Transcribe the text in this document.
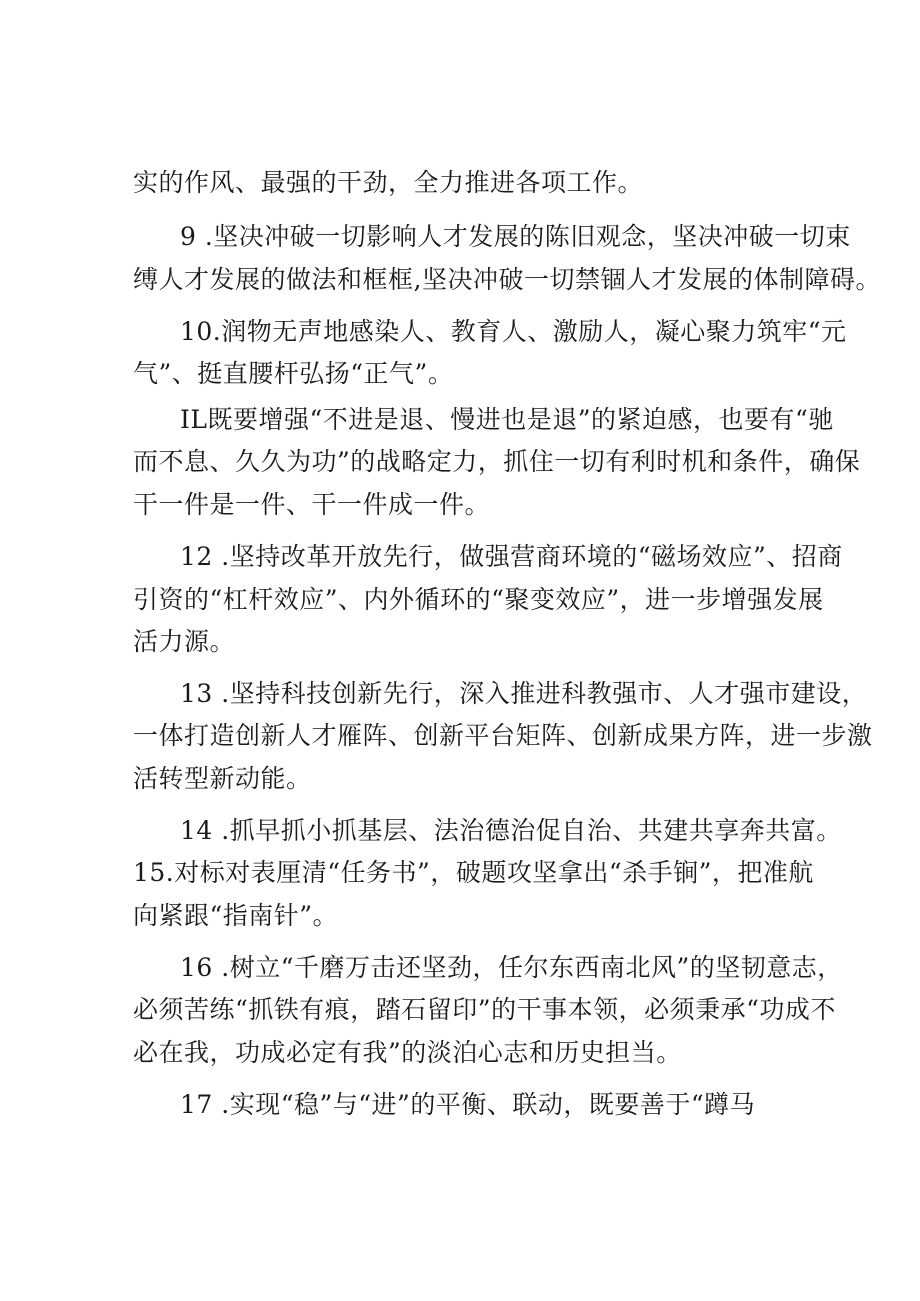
实的作风、最强的干劲，全力推进各项工作。
9 .坚决冲破一切影响人才发展的陈旧观念，坚决冲破一切束
缚人才发展的做法和框框,坚决冲破一切禁锢人才发展的体制障碍。
10.润物无声地感染人、教育人、激励人，凝心聚力筑牢“元
气”、挺直腰杆弘扬“正气”。
IL既要增强“不进是退、慢进也是退”的紧迫感，也要有“驰
而不息、久久为功”的战略定力，抓住一切有利时机和条件，确保
干一件是一件、干一件成一件。
12 .坚持改革开放先行，做强营商环境的“磁场效应”、招商
引资的“杠杆效应”、内外循环的“聚变效应”，进一步增强发展
活力源。
13 .坚持科技创新先行，深入推进科教强市、人才强市建设，
一体打造创新人才雁阵、创新平台矩阵、创新成果方阵，进一步激
活转型新动能。
14 .抓早抓小抓基层、法治德治促自治、共建共享奔共富。
15.对标对表厘清“任务书”，破题攻坚拿出“杀手锏”，把准航
向紧跟“指南针”。
16 .树立“千磨万击还坚劲，任尔东西南北风”的坚韧意志，
必须苦练“抓铁有痕，踏石留印”的干事本领，必须秉承“功成不
必在我，功成必定有我”的淡泊心志和历史担当。
17 .实现“稳”与“进”的平衡、联动，既要善于“蹲马
